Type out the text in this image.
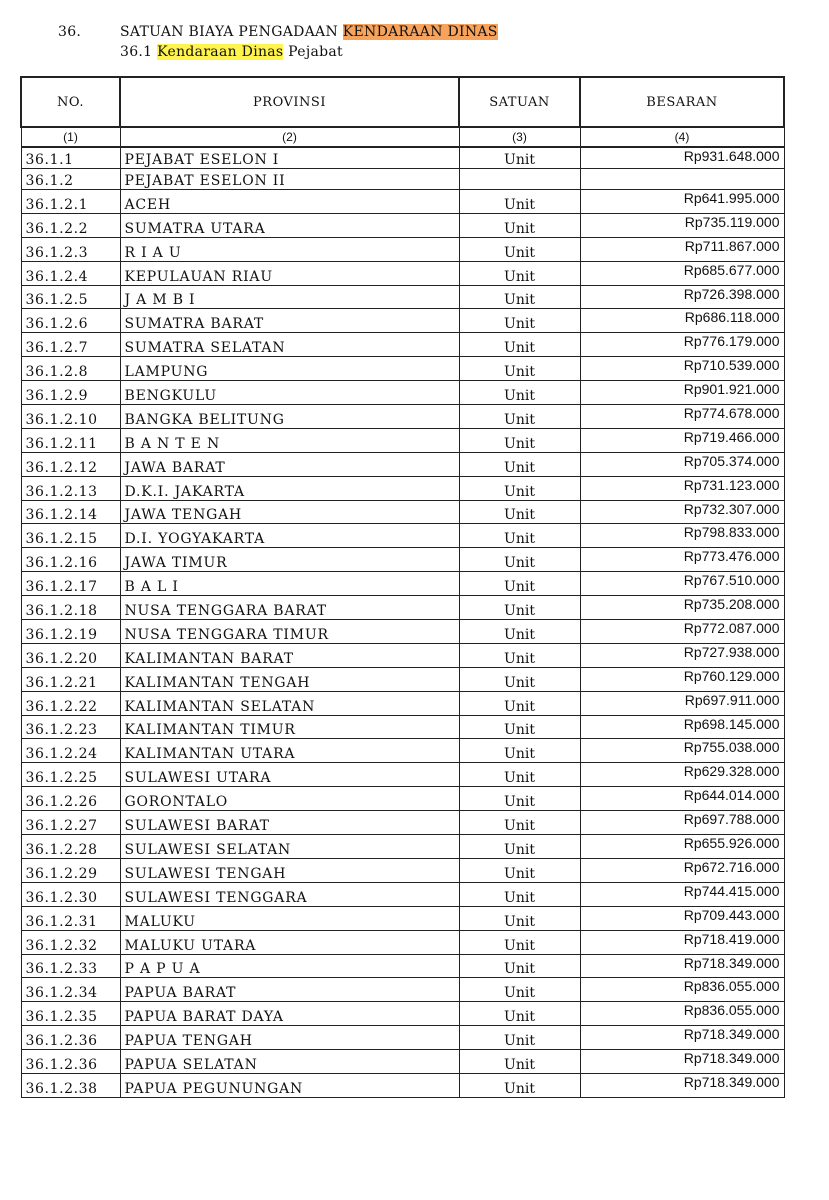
36.	SATUAN BIAYA PENGADAAN KENDARAAN DINAS
36.1 Kendaraan Dinas Pejabat
NO.	PROVINSI	SATUAN	BESARAN
(1)	(2)	(3)	(4)
36.1.1	PEJABAT ESELON I	Unit	Rp931.648.000
36.1.2	PEJABAT ESELON II		
36.1.2.1	ACEH	Unit	Rp641.995.000
36.1.2.2	SUMATRA UTARA	Unit	Rp735.119.000
36.1.2.3	R I A U	Unit	Rp711.867.000
36.1.2.4	KEPULAUAN RIAU	Unit	Rp685.677.000
36.1.2.5	J A M B I	Unit	Rp726.398.000
36.1.2.6	SUMATRA BARAT	Unit	Rp686.118.000
36.1.2.7	SUMATRA SELATAN	Unit	Rp776.179.000
36.1.2.8	LAMPUNG	Unit	Rp710.539.000
36.1.2.9	BENGKULU	Unit	Rp901.921.000
36.1.2.10	BANGKA BELITUNG	Unit	Rp774.678.000
36.1.2.11	B A N T E N	Unit	Rp719.466.000
36.1.2.12	JAWA BARAT	Unit	Rp705.374.000
36.1.2.13	D.K.I. JAKARTA	Unit	Rp731.123.000
36.1.2.14	JAWA TENGAH	Unit	Rp732.307.000
36.1.2.15	D.I. YOGYAKARTA	Unit	Rp798.833.000
36.1.2.16	JAWA TIMUR	Unit	Rp773.476.000
36.1.2.17	B A L I	Unit	Rp767.510.000
36.1.2.18	NUSA TENGGARA BARAT	Unit	Rp735.208.000
36.1.2.19	NUSA TENGGARA TIMUR	Unit	Rp772.087.000
36.1.2.20	KALIMANTAN BARAT	Unit	Rp727.938.000
36.1.2.21	KALIMANTAN TENGAH	Unit	Rp760.129.000
36.1.2.22	KALIMANTAN SELATAN	Unit	Rp697.911.000
36.1.2.23	KALIMANTAN TIMUR	Unit	Rp698.145.000
36.1.2.24	KALIMANTAN UTARA	Unit	Rp755.038.000
36.1.2.25	SULAWESI UTARA	Unit	Rp629.328.000
36.1.2.26	GORONTALO	Unit	Rp644.014.000
36.1.2.27	SULAWESI BARAT	Unit	Rp697.788.000
36.1.2.28	SULAWESI SELATAN	Unit	Rp655.926.000
36.1.2.29	SULAWESI TENGAH	Unit	Rp672.716.000
36.1.2.30	SULAWESI TENGGARA	Unit	Rp744.415.000
36.1.2.31	MALUKU	Unit	Rp709.443.000
36.1.2.32	MALUKU UTARA	Unit	Rp718.419.000
36.1.2.33	P A P U A	Unit	Rp718.349.000
36.1.2.34	PAPUA BARAT	Unit	Rp836.055.000
36.1.2.35	PAPUA BARAT DAYA	Unit	Rp836.055.000
36.1.2.36	PAPUA TENGAH	Unit	Rp718.349.000
36.1.2.36	PAPUA SELATAN	Unit	Rp718.349.000
36.1.2.38	PAPUA PEGUNUNGAN	Unit	Rp718.349.000
